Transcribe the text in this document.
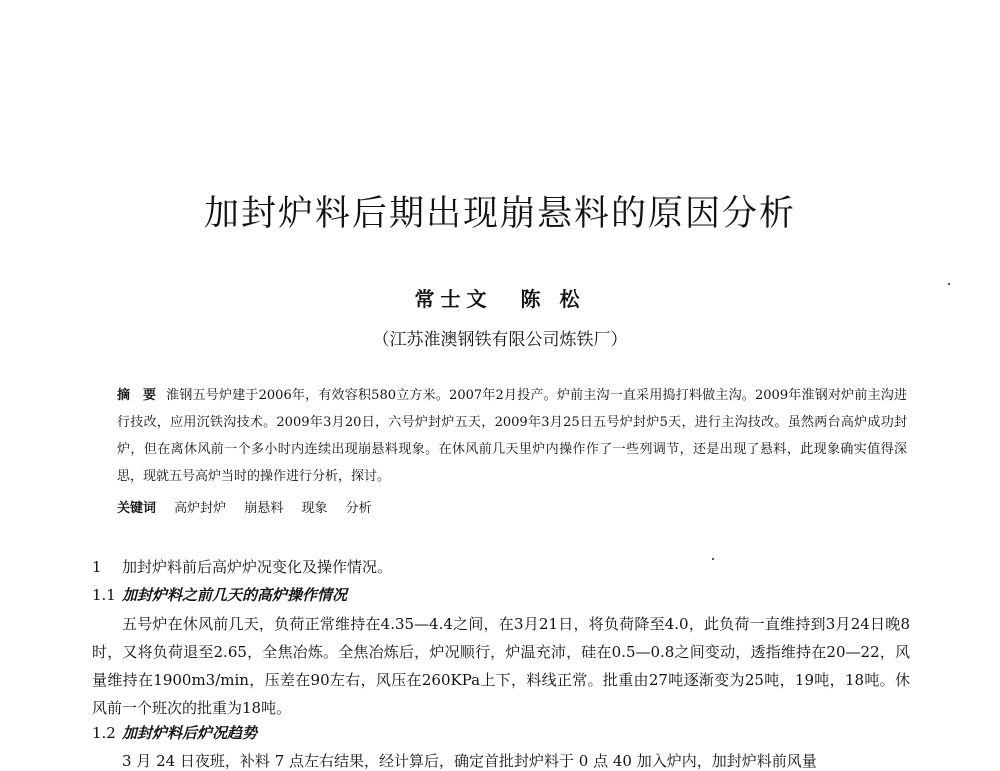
加封炉料后期出现崩悬料的原因分析
常士文 陈 松
（江苏淮澳钢铁有限公司炼铁厂）
摘 要 淮钢五号炉建于2006年，有效容积580立方米。2007年2月投产。炉前主沟一直采用捣打料做主沟。2009年淮钢对炉前主沟进行技改，应用沉铁沟技术。2009年3月20日，六号炉封炉五天，2009年3月25日五号炉封炉5天，进行主沟技改。虽然两台高炉成功封炉，但在离休风前一个多小时内连续出现崩悬料现象。在休风前几天里炉内操作作了一些列调节，还是出现了悬料，此现象确实值得深思，现就五号高炉当时的操作进行分析，探讨。
关键词 高炉封炉 崩悬料 现象 分析
1 加封炉料前后高炉炉况变化及操作情况。
1.1 加封炉料之前几天的高炉操作情况

五号炉在休风前几天，负荷正常维持在4.35—4.4之间，在3月21日，将负荷降至4.0，此负荷一直维持到3月24日晚8时，又将负荷退至2.65，全焦冶炼。全焦冶炼后，炉况顺行，炉温充沛，硅在0.5—0.8之间变动，透指维持在20—22，风量维持在1900m3/min，压差在90左右，风压在260KPa上下，料线正常。批重由27吨逐渐变为25吨，19吨，18吨。休风前一个班次的批重为18吨。

1.2 加封炉料后炉况趋势
3 月 24 日夜班，补料 7 点左右结果，经计算后，确定首批封炉料于 0 点 40 加入炉内，加封炉料前风量
